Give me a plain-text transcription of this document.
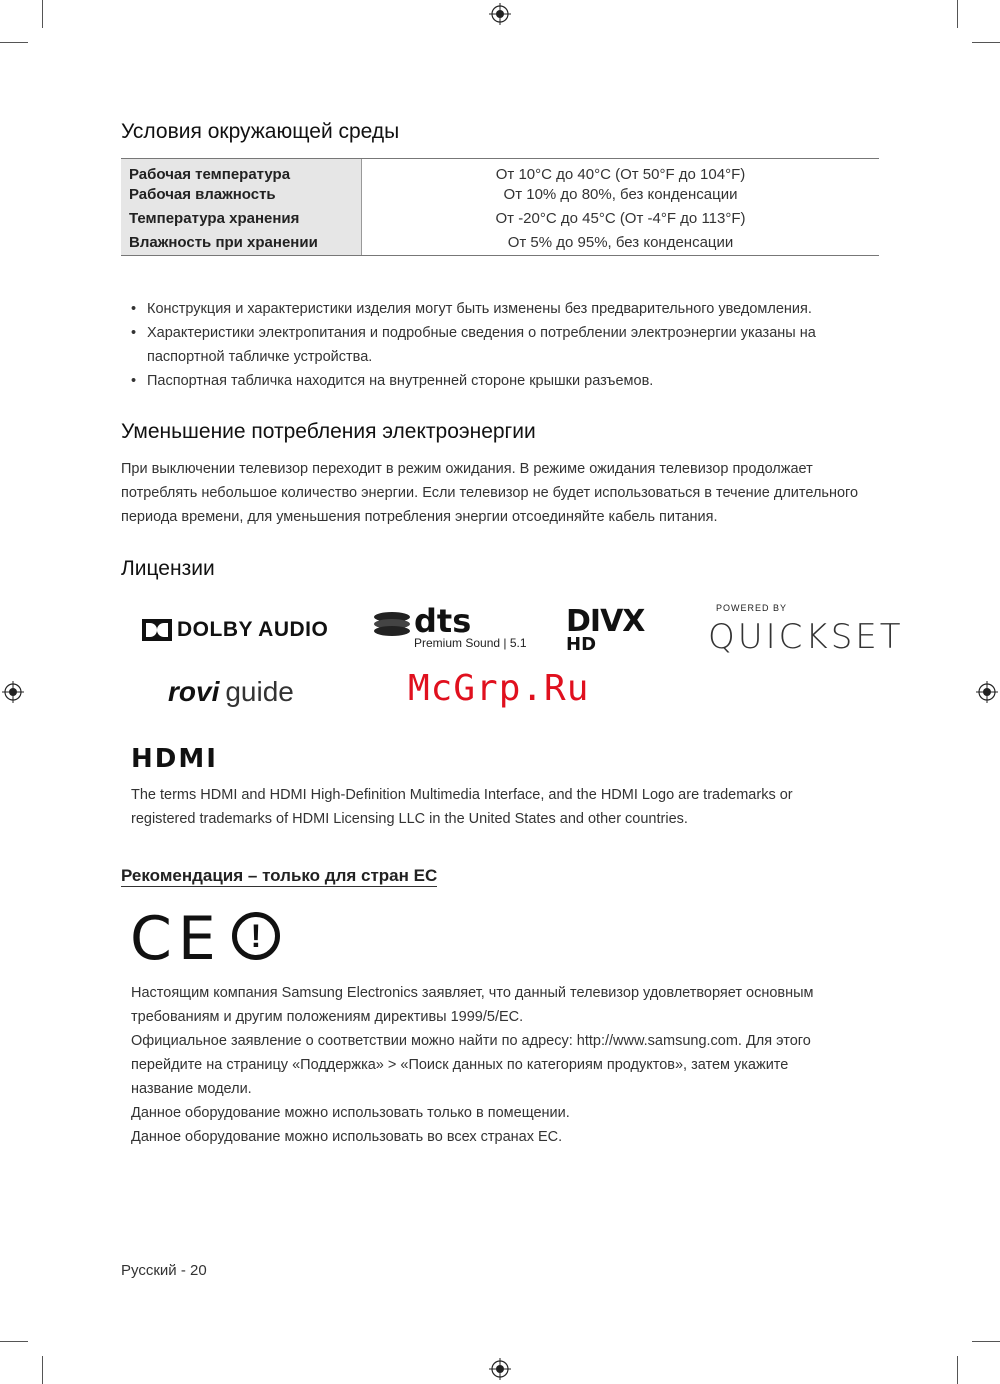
Условия окружающей среды
Рабочая температура	От 10°C до 40°C (От 50°F до 104°F)
Рабочая влажность	От 10% до 80%, без конденсации
Температура хранения	От -20°C до 45°C (От -4°F до 113°F)
Влажность при хранении	От 5% до 95%, без конденсации
• Конструкция и характеристики изделия могут быть изменены без предварительного уведомления.
• Характеристики электропитания и подробные сведения о потреблении электроэнергии указаны на паспортной табличке устройства.
• Паспортная табличка находится на внутренней стороне крышки разъемов.
Уменьшение потребления электроэнергии

При выключении телевизор переходит в режим ожидания. В режиме ожидания телевизор продолжает потреблять небольшое количество энергии. Если телевизор не будет использоваться в течение длительного периода времени, для уменьшения потребления энергии отсоединяйте кабель питания.

Лицензии
DOLBY AUDIO	dts
Premium Sound | 5.1
DIVX
HD
POWERED BY
QUICKSET
rovi guide	McGrp.Ru
HDMI

The terms HDMI and HDMI High-Definition Multimedia Interface, and the HDMI Logo are trademarks or registered trademarks of HDMI Licensing LLC in the United States and other countries.

Рекомендация – только для стран ЕС
CE !
Настоящим компания Samsung Electronics заявляет, что данный телевизор удовлетворяет основным требованиям и другим положениям директивы 1999/5/EC.
Официальное заявление о соответствии можно найти по адресу: http://www.samsung.com. Для этого перейдите на страницу «Поддержка» > «Поиск данных по категориям продуктов», затем укажите название модели.
Данное оборудование можно использовать только в помещении.
Данное оборудование можно использовать во всех странах ЕС.
Русский - 20
